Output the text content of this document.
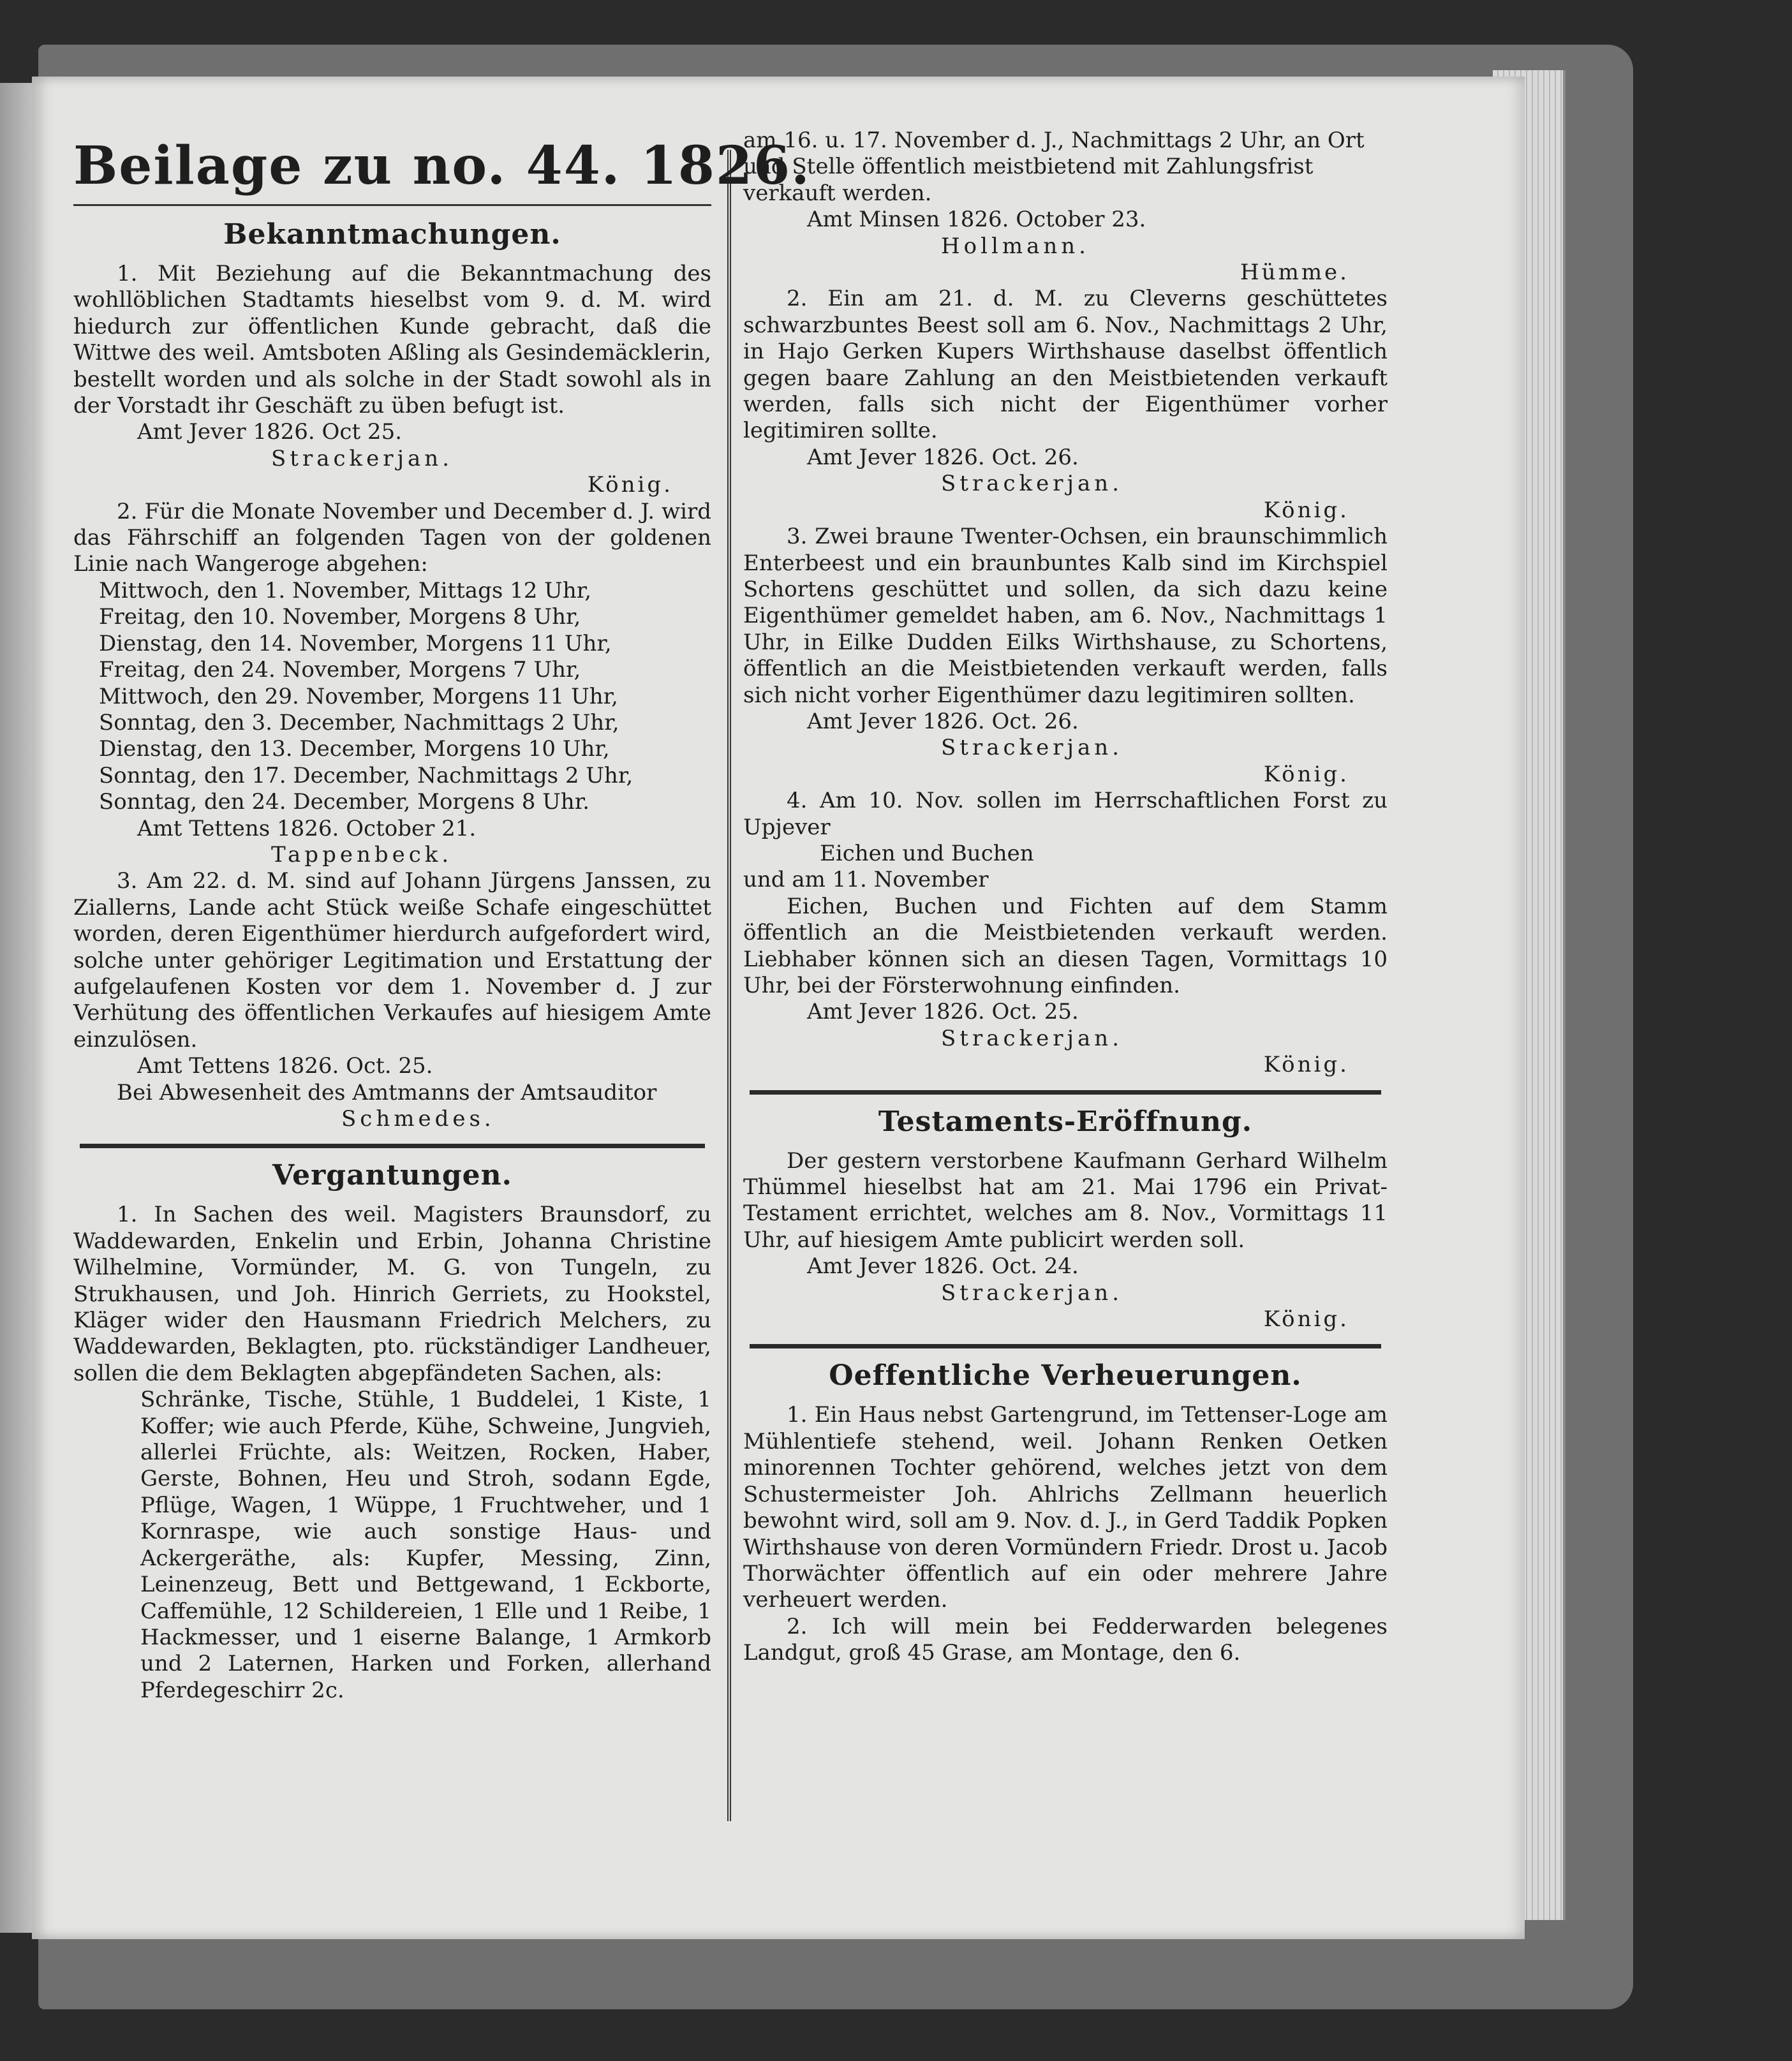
Beilage zu no. 44. 1826.
Bekanntmachungen.

1. Mit Beziehung auf die Bekanntmachung des wohllöblichen Stadtamts hieselbst vom 9. d. M. wird hiedurch zur öffentlichen Kunde gebracht, daß die Wittwe des weil. Amtsboten Aßling als Gesindemäcklerin, bestellt worden und als solche in der Stadt sowohl als in der Vorstadt ihr Geschäft zu üben befugt ist.

Amt Jever 1826. Oct 25.

Strackerjan.

König.

2. Für die Monate November und December d. J. wird das Fährschiff an folgenden Tagen von der goldenen Linie nach Wangeroge abgehen:

Mittwoch, den 1. November, Mittags 12 Uhr,
Freitag, den 10. November, Morgens 8 Uhr,
Dienstag, den 14. November, Morgens 11 Uhr,
Freitag, den 24. November, Morgens 7 Uhr,
Mittwoch, den 29. November, Morgens 11 Uhr,
Sonntag, den 3. December, Nachmittags 2 Uhr,
Dienstag, den 13. December, Morgens 10 Uhr,
Sonntag, den 17. December, Nachmittags 2 Uhr,
Sonntag, den 24. December, Morgens 8 Uhr.

Amt Tettens 1826. October 21.

Tappenbeck.

3. Am 22. d. M. sind auf Johann Jürgens Janssen, zu Ziallerns, Lande acht Stück weiße Schafe eingeschüttet worden, deren Eigenthümer hierdurch aufgefordert wird, solche unter gehöriger Legitimation und Erstattung der aufgelaufenen Kosten vor dem 1. November d. J zur Verhütung des öffentlichen Verkaufes auf hiesigem Amte einzulösen.

Amt Tettens 1826. Oct. 25.

Bei Abwesenheit des Amtmanns der Amtsauditor

Schmedes.

Vergantungen.

1. In Sachen des weil. Magisters Braunsdorf, zu Waddewarden, Enkelin und Erbin, Johanna Christine Wilhelmine, Vormünder, M. G. von Tungeln, zu Strukhausen, und Joh. Hinrich Gerriets, zu Hookstel, Kläger wider den Hausmann Friedrich Melchers, zu Waddewarden, Beklagten, pto. rückständiger Landheuer, sollen die dem Beklagten abgepfändeten Sachen, als:

Schränke, Tische, Stühle, 1 Buddelei, 1 Kiste, 1 Koffer; wie auch Pferde, Kühe, Schweine, Jungvieh, allerlei Früchte, als: Weitzen, Rocken, Haber, Gerste, Bohnen, Heu und Stroh, sodann Egde, Pflüge, Wagen, 1 Wüppe, 1 Fruchtweher, und 1 Kornraspe, wie auch sonstige Haus- und Ackergeräthe, als: Kupfer, Messing, Zinn, Leinenzeug, Bett und Bettgewand, 1 Eckborte, Caffemühle, 12 Schildereien, 1 Elle und 1 Reibe, 1 Hackmesser, und 1 eiserne Balange, 1 Armkorb und 2 Laternen, Harken und Forken, allerhand Pferdegeschirr 2c.

am 16. u. 17. November d. J., Nachmittags 2 Uhr, an Ort und Stelle öffentlich meistbietend mit Zahlungsfrist verkauft werden.

Amt Minsen 1826. October 23.

Hollmann.

Hümme.

2. Ein am 21. d. M. zu Cleverns geschüttetes schwarzbuntes Beest soll am 6. Nov., Nachmittags 2 Uhr, in Hajo Gerken Kupers Wirthshause daselbst öffentlich gegen baare Zahlung an den Meistbietenden verkauft werden, falls sich nicht der Eigenthümer vorher legitimiren sollte.

Amt Jever 1826. Oct. 26.

Strackerjan.

König.

3. Zwei braune Twenter-Ochsen, ein braunschimmlich Enterbeest und ein braunbuntes Kalb sind im Kirchspiel Schortens geschüttet und sollen, da sich dazu keine Eigenthümer gemeldet haben, am 6. Nov., Nachmittags 1 Uhr, in Eilke Dudden Eilks Wirthshause, zu Schortens, öffentlich an die Meistbietenden verkauft werden, falls sich nicht vorher Eigenthümer dazu legitimiren sollten.

Amt Jever 1826. Oct. 26.

Strackerjan.

König.

4. Am 10. Nov. sollen im Herrschaftlichen Forst zu Upjever

Eichen und Buchen

und am 11. November

Eichen, Buchen und Fichten auf dem Stamm öffentlich an die Meistbietenden verkauft werden. Liebhaber können sich an diesen Tagen, Vormittags 10 Uhr, bei der Försterwohnung einfinden.

Amt Jever 1826. Oct. 25.

Strackerjan.

König.

Testaments-Eröffnung.

Der gestern verstorbene Kaufmann Gerhard Wilhelm Thümmel hieselbst hat am 21. Mai 1796 ein Privat-Testament errichtet, welches am 8. Nov., Vormittags 11 Uhr, auf hiesigem Amte publicirt werden soll.

Amt Jever 1826. Oct. 24.

Strackerjan.

König.

Oeffentliche Verheuerungen.

1. Ein Haus nebst Gartengrund, im Tettenser-Loge am Mühlentiefe stehend, weil. Johann Renken Oetken minorennen Tochter gehörend, welches jetzt von dem Schustermeister Joh. Ahlrichs Zellmann heuerlich bewohnt wird, soll am 9. Nov. d. J., in Gerd Taddik Popken Wirthshause von deren Vormündern Friedr. Drost u. Jacob Thorwächter öffentlich auf ein oder mehrere Jahre verheuert werden.

2. Ich will mein bei Fedderwarden belegenes Landgut, groß 45 Grase, am Montage, den 6.
